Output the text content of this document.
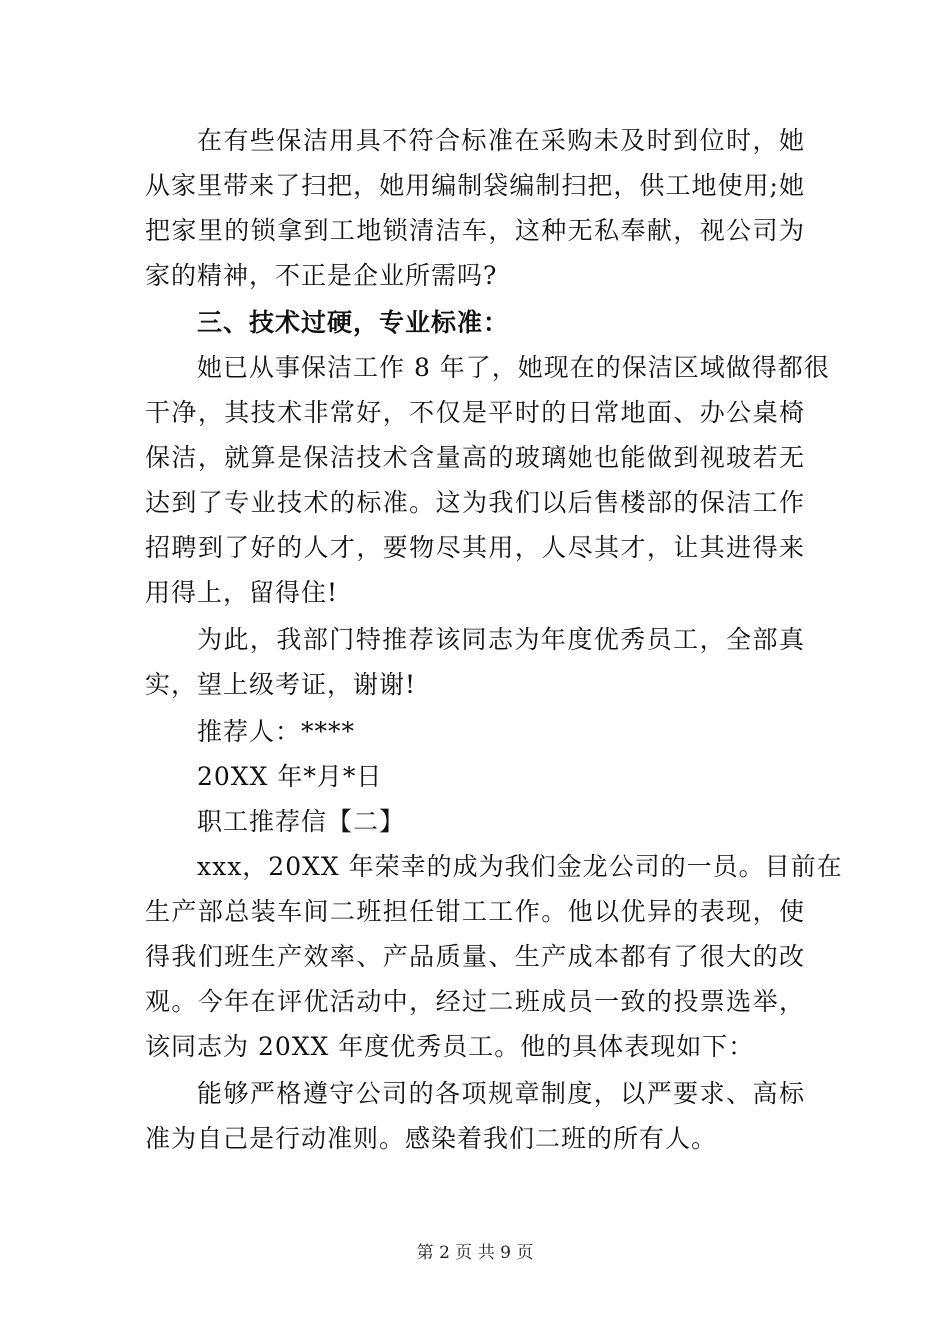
在有些保洁用具不符合标准在采购未及时到位时，她
从家里带来了扫把，她用编制袋编制扫把，供工地使用;她
把家里的锁拿到工地锁清洁车，这种无私奉献，视公司为
家的精神，不正是企业所需吗?
三、技术过硬，专业标准：
她已从事保洁工作 8 年了，她现在的保洁区域做得都很
干净，其技术非常好，不仅是平时的日常地面、办公桌椅
保洁，就算是保洁技术含量高的玻璃她也能做到视玻若无
达到了专业技术的标准。这为我们以后售楼部的保洁工作
招聘到了好的人才，要物尽其用，人尽其才，让其进得来
用得上，留得住!
为此，我部门特推荐该同志为年度优秀员工，全部真
实，望上级考证，谢谢!
推荐人：****
20XX 年*月*日
职工推荐信【二】
xxx，20XX 年荣幸的成为我们金龙公司的一员。目前在
生产部总装车间二班担任钳工工作。他以优异的表现，使
得我们班生产效率、产品质量、生产成本都有了很大的改
观。今年在评优活动中，经过二班成员一致的投票选举，
该同志为 20XX 年度优秀员工。他的具体表现如下：
能够严格遵守公司的各项规章制度，以严要求、高标
准为自己是行动准则。感染着我们二班的所有人。
第 2 页 共 9 页
